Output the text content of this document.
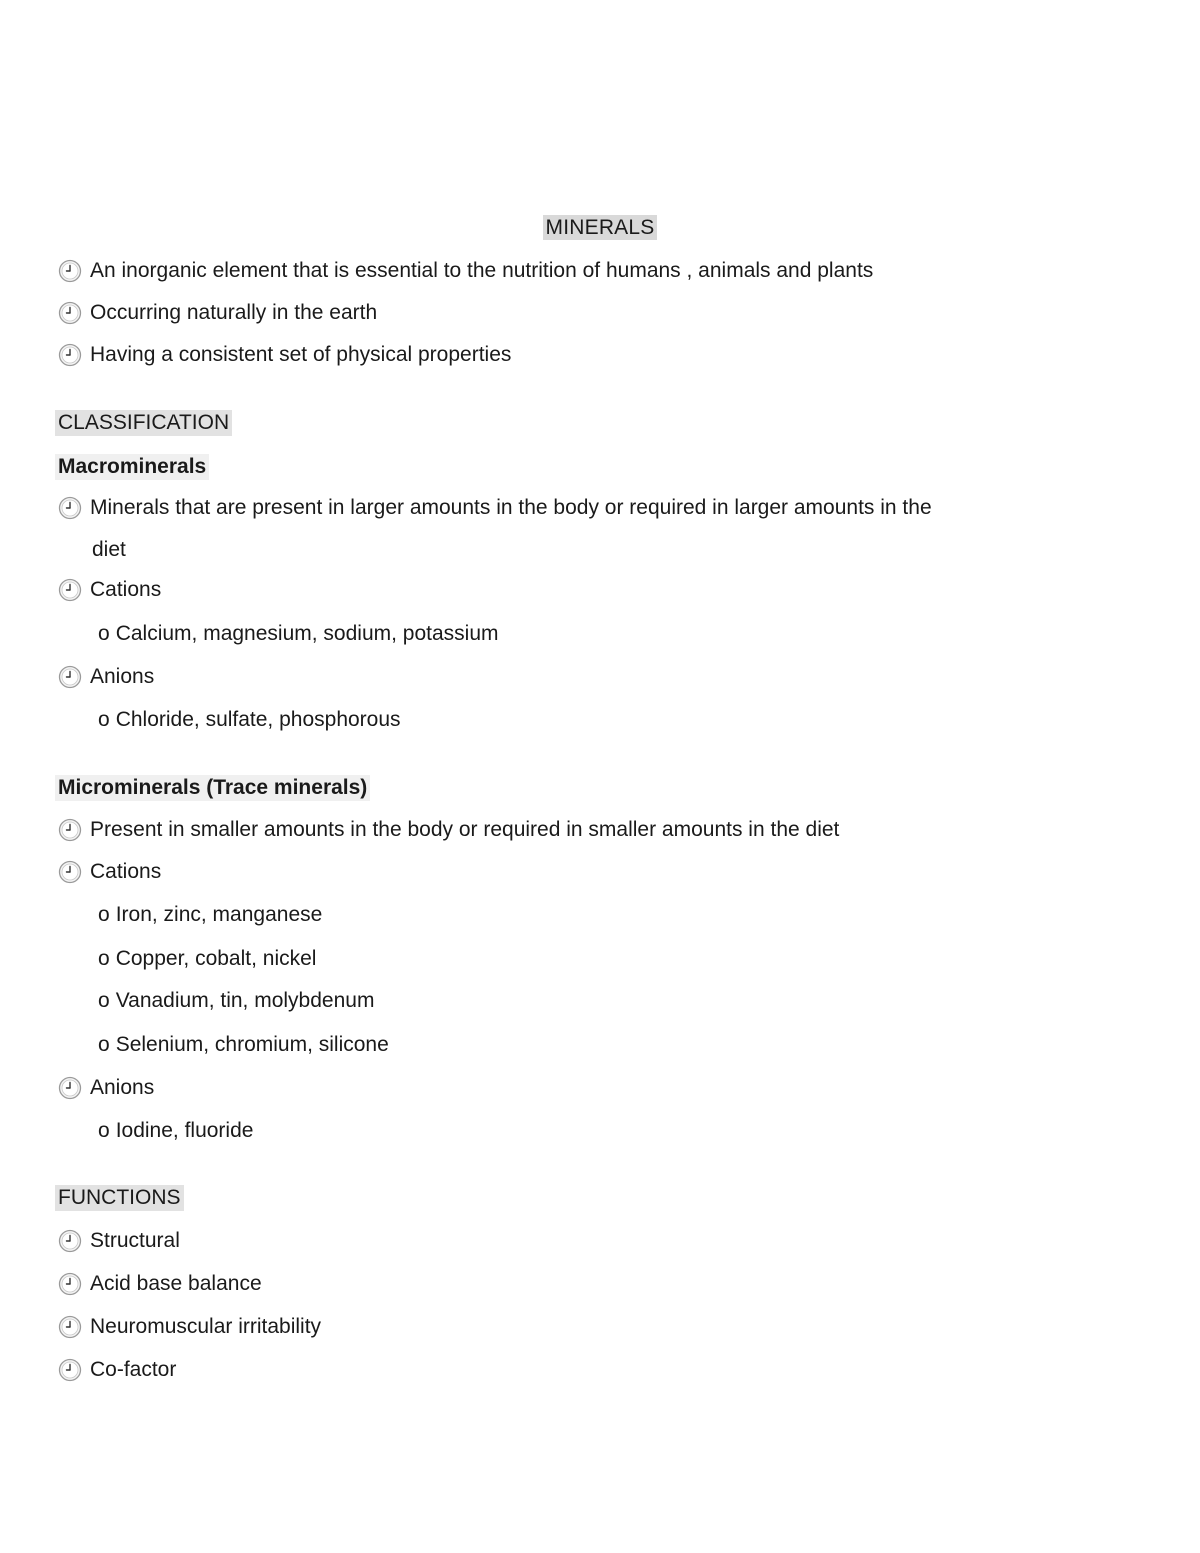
MINERALS
An inorganic element that is essential to the nutrition of humans , animals and plants
Occurring naturally in the earth
Having a consistent set of physical properties
CLASSIFICATION
Macrominerals
Minerals that are present in larger amounts in the body or required in larger amounts in the
diet
Cations
o Calcium, magnesium, sodium, potassium
Anions
o Chloride, sulfate, phosphorous
Microminerals (Trace minerals)
Present in smaller amounts in the body or required in smaller amounts in the diet
Cations
o Iron, zinc, manganese
o Copper, cobalt, nickel
o Vanadium, tin, molybdenum
o Selenium, chromium, silicone
Anions
o Iodine, fluoride
FUNCTIONS
Structural
Acid base balance
Neuromuscular irritability
Co-factor
